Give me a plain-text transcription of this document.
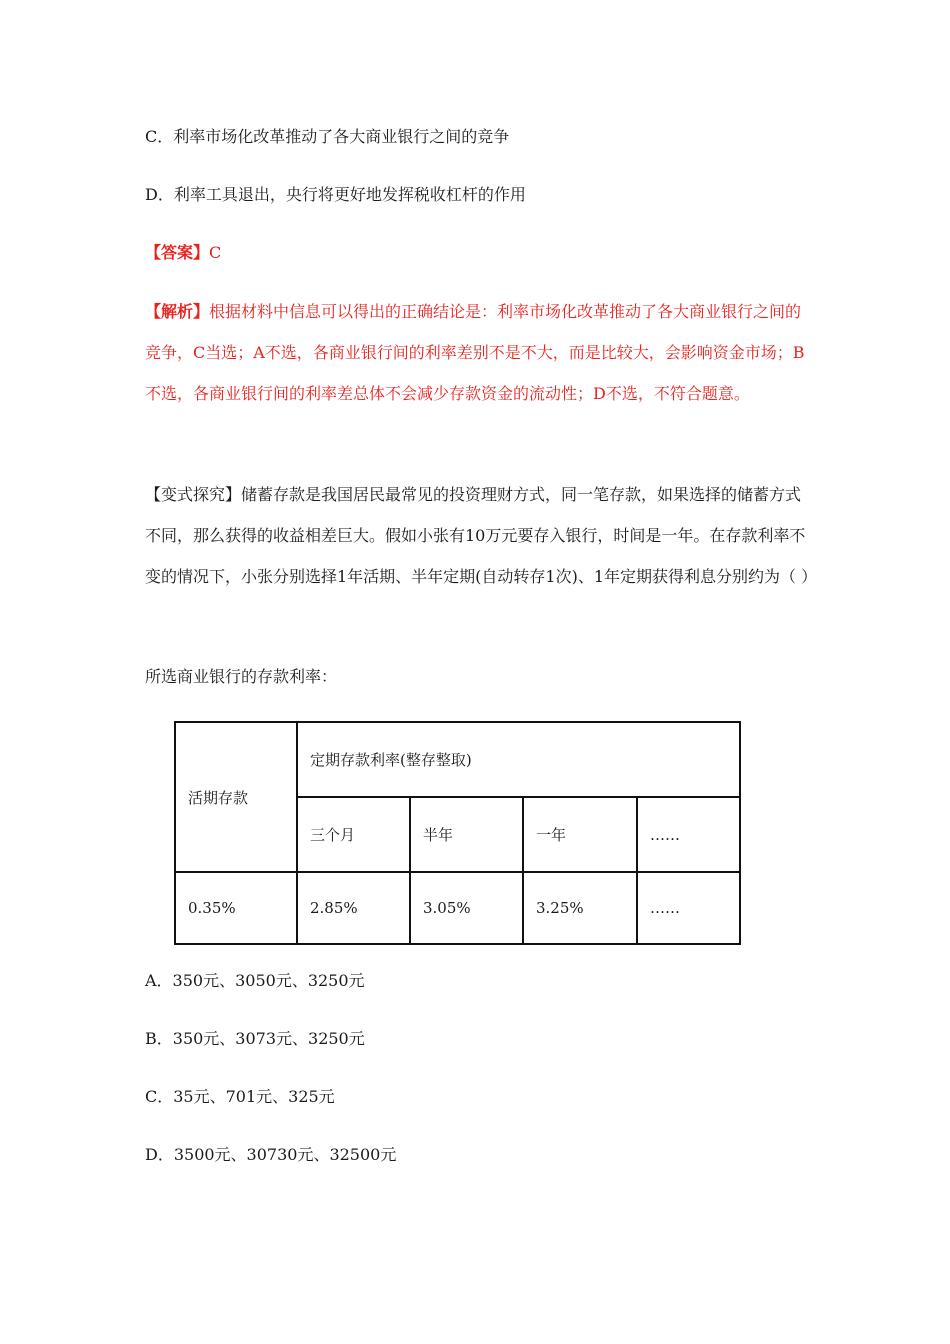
C．利率市场化改革推动了各大商业银行之间的竞争
D．利率工具退出，央行将更好地发挥税收杠杆的作用
【答案】C
【解析】根据材料中信息可以得出的正确结论是：利率市场化改革推动了各大商业银行之间的竞争，C当选；A不选，各商业银行间的利率差别不是不大，而是比较大，会影响资金市场；B不选，各商业银行间的利率差总体不会减少存款资金的流动性；D不选，不符合题意。
【变式探究】储蓄存款是我国居民最常见的投资理财方式，同一笔存款，如果选择的储蓄方式不同，那么获得的收益相差巨大。假如小张有10万元要存入银行，时间是一年。在存款利率不变的情况下，小张分别选择1年活期、半年定期(自动转存1次)、1年定期获得利息分别约为（ ）
所选商业银行的存款利率：
活期存款	定期存款利率(整存整取)			
	三个月	半年	一年	……
0.35%	2.85%	3.05%	3.25%	……
A．350元、3050元、3250元
B．350元、3073元、3250元
C．35元、701元、325元
D．3500元、30730元、32500元
